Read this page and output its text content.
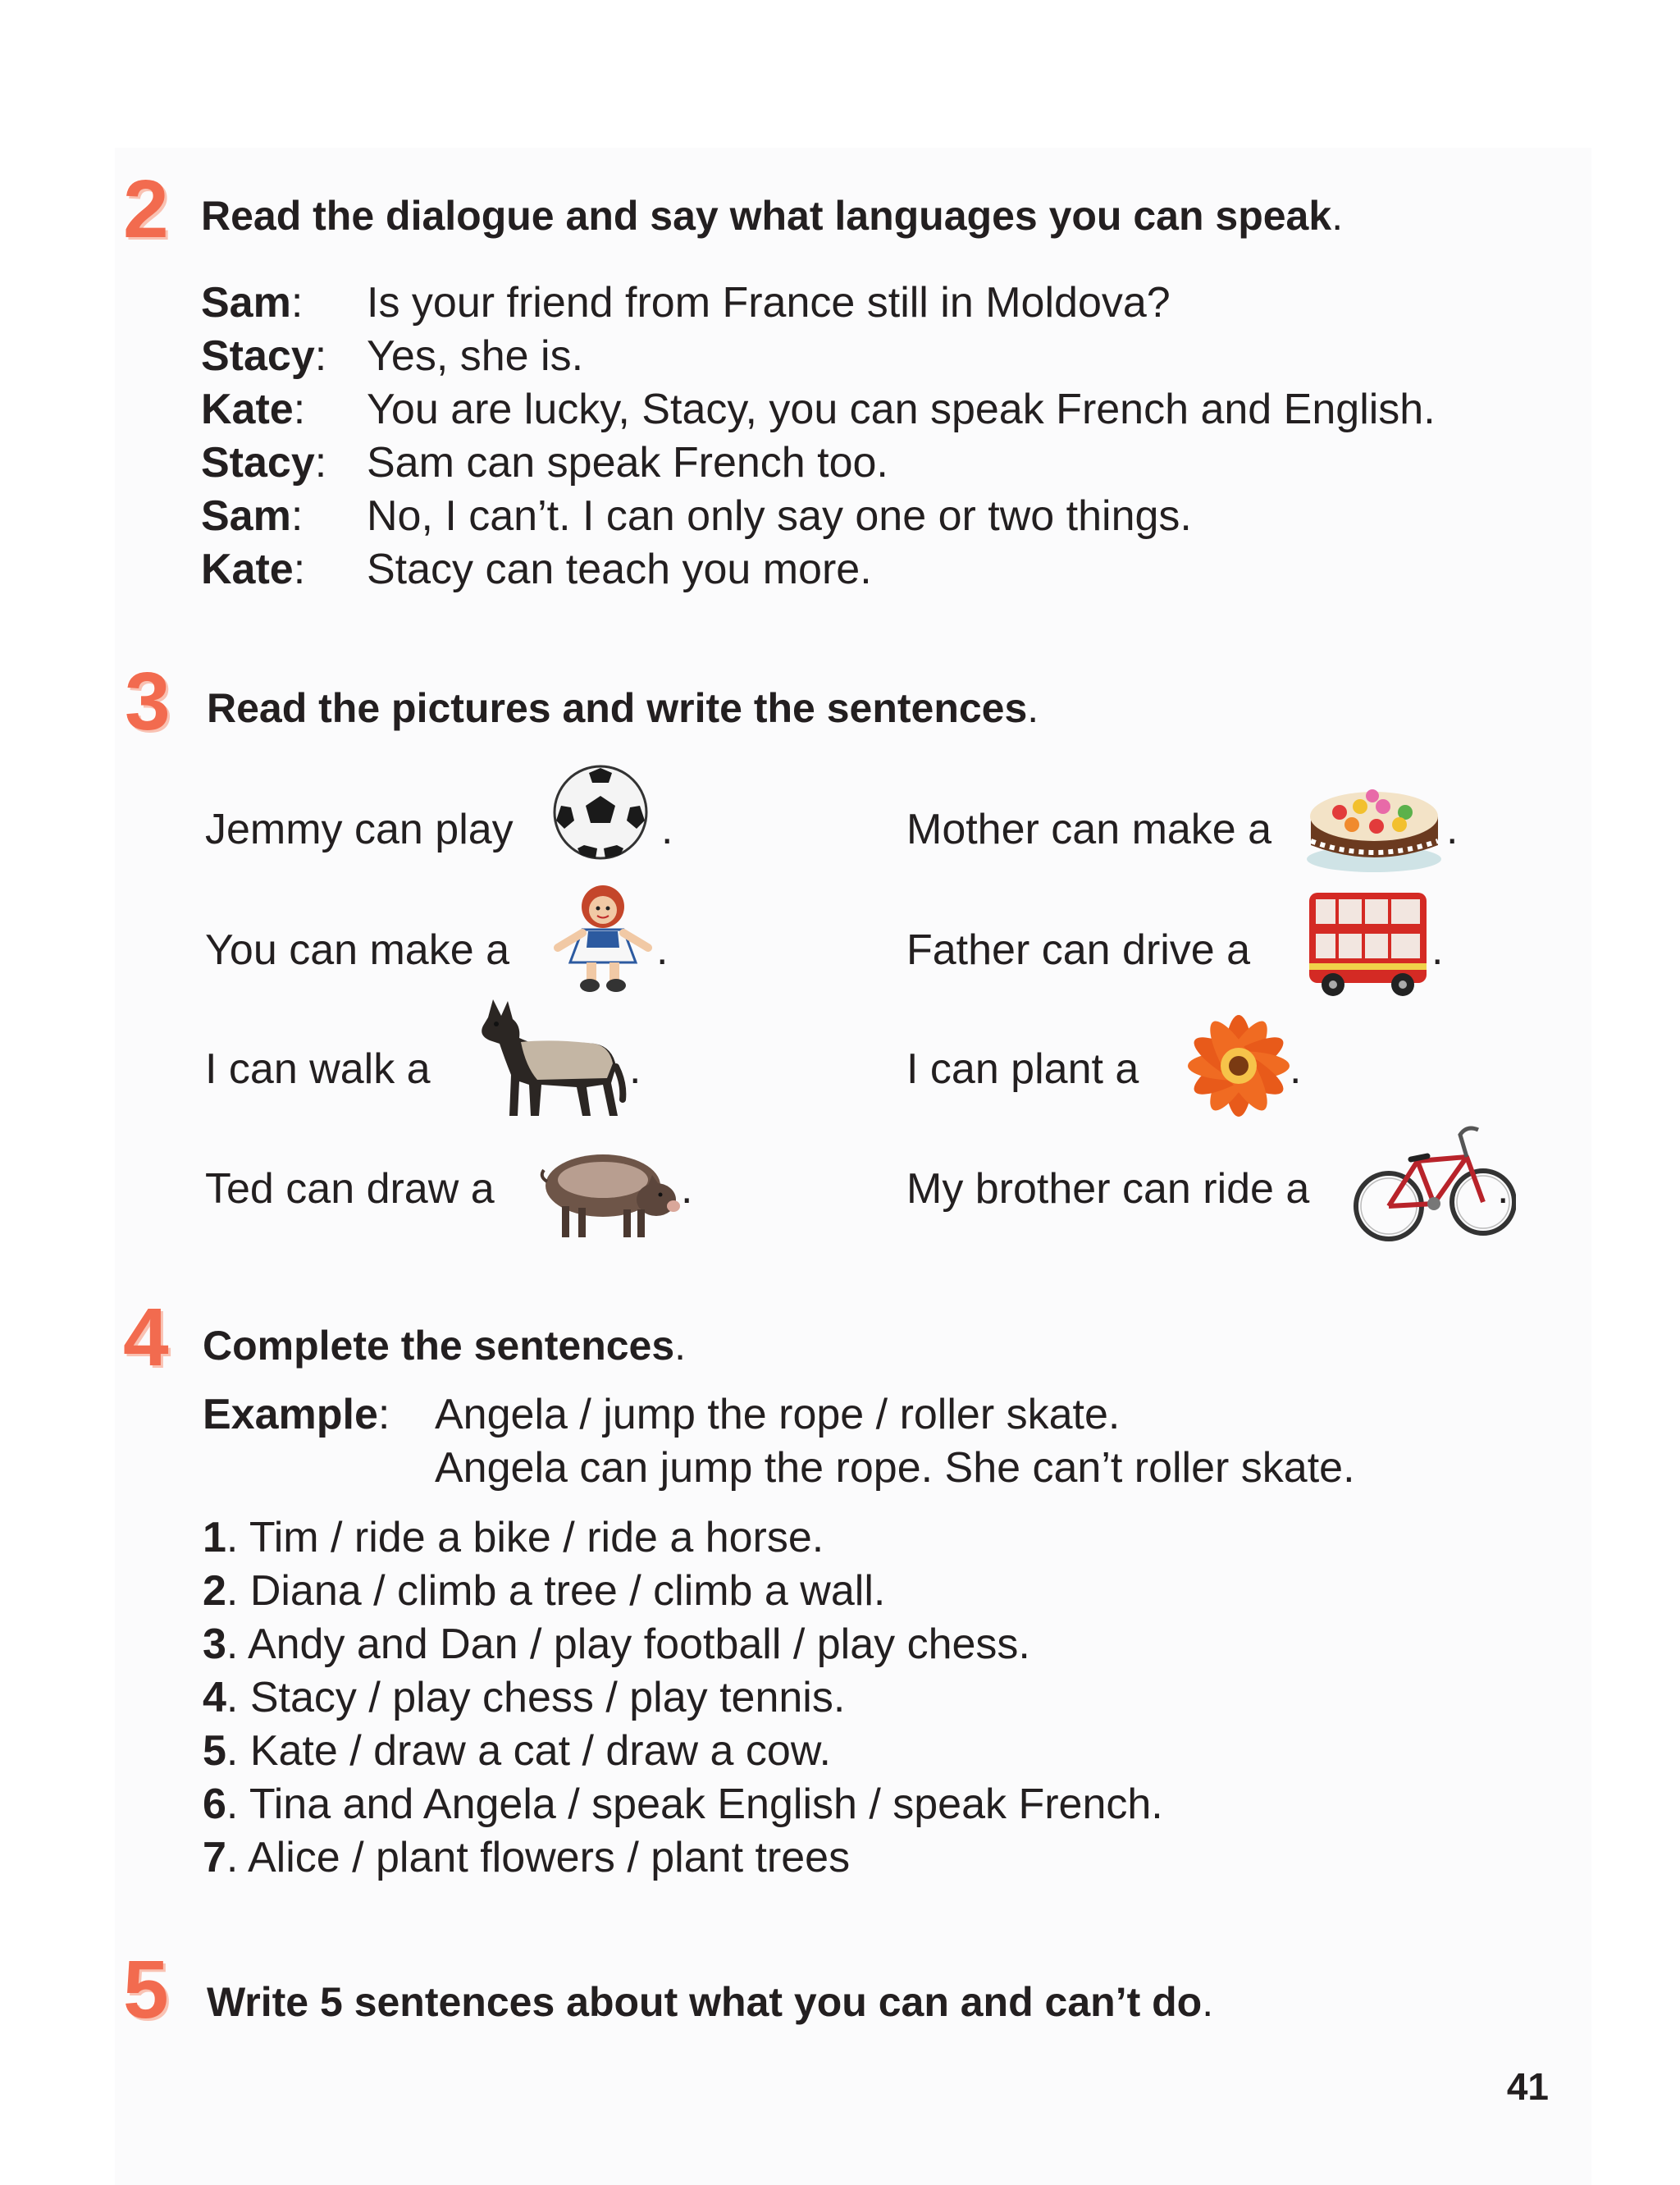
2 Read the dialogue and say what languages you can speak.
Sam: Is your friend from France still in Moldova?
Stacy: Yes, she is.
Kate: You are lucky, Stacy, you can speak French and English.
Stacy: Sam can speak French too.
Sam: No, I can’t. I can only say one or two things.
Kate: Stacy can teach you more.
3 Read the pictures and write the sentences.
Jemmy can play	.	Mother can make a	.
You can make a	.	Father can drive a	.
I can walk a	.	I can plant a	.
Ted can draw a	.	My brother can ride a	.
4 Complete the sentences.
Example: Angela / jump the rope / roller skate.
Angela can jump the rope. She can’t roller skate.
1. Tim / ride a bike / ride a horse.
2. Diana / climb a tree / climb a wall.
3. Andy and Dan / play football / play chess.
4. Stacy / play chess / play tennis.
5. Kate / draw a cat / draw a cow.
6. Tina and Angela / speak English / speak French.
7. Alice / plant flowers / plant trees
5 Write 5 sentences about what you can and can’t do.
41
